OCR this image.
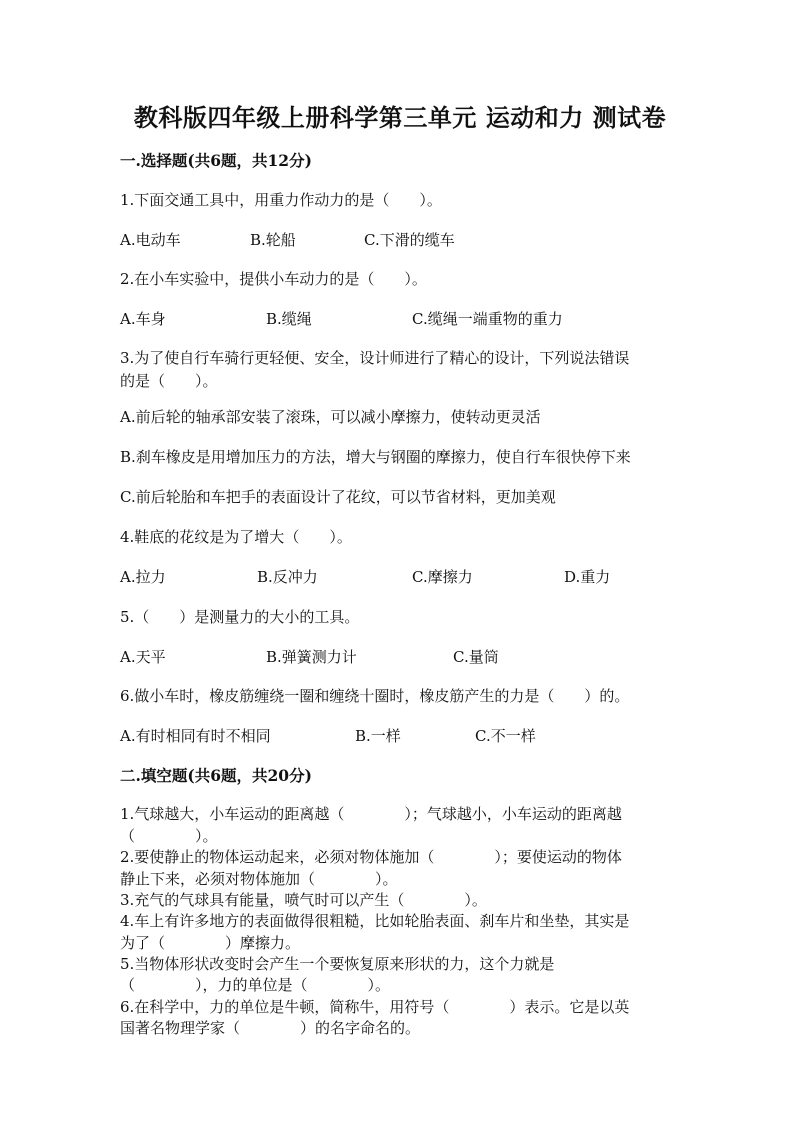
教科版四年级上册科学第三单元 运动和力 测试卷
一.选择题(共6题，共12分)
1.下面交通工具中，用重力作动力的是（　　）。
A.电动车	B.轮船	C.下滑的缆车
2.在小车实验中，提供小车动力的是（　　）。
A.车身	B.缆绳	C.缆绳一端重物的重力
3.为了使自行车骑行更轻便、安全，设计师进行了精心的设计，下列说法错误
的是（　　）。
A.前后轮的轴承部安装了滚珠，可以减小摩擦力，使转动更灵活
B.刹车橡皮是用增加压力的方法，增大与钢圈的摩擦力，使自行车很快停下来
C.前后轮胎和车把手的表面设计了花纹，可以节省材料，更加美观
4.鞋底的花纹是为了增大（　　）。
A.拉力	B.反冲力	C.摩擦力	D.重力
5.（　　）是测量力的大小的工具。
A.天平	B.弹簧测力计	C.量筒
6.做小车时，橡皮筋缠绕一圈和缠绕十圈时，橡皮筋产生的力是（　　）的。
A.有时相同有时不相同	B.一样	C.不一样
二.填空题(共6题，共20分)
1.气球越大，小车运动的距离越（　　　　）；气球越小，小车运动的距离越
（　　　　）。
2.要使静止的物体运动起来，必须对物体施加（　　　　）；要使运动的物体
静止下来，必须对物体施加（　　　　）。
3.充气的气球具有能量，喷气时可以产生（　　　　）。
4.车上有许多地方的表面做得很粗糙，比如轮胎表面、刹车片和坐垫，其实是
为了（　　　　）摩擦力。
5.当物体形状改变时会产生一个要恢复原来形状的力，这个力就是
（　　　　），力的单位是（　　　　）。
6.在科学中，力的单位是牛顿，简称牛，用符号（　　　　）表示。它是以英
国著名物理学家（　　　　）的名字命名的。
